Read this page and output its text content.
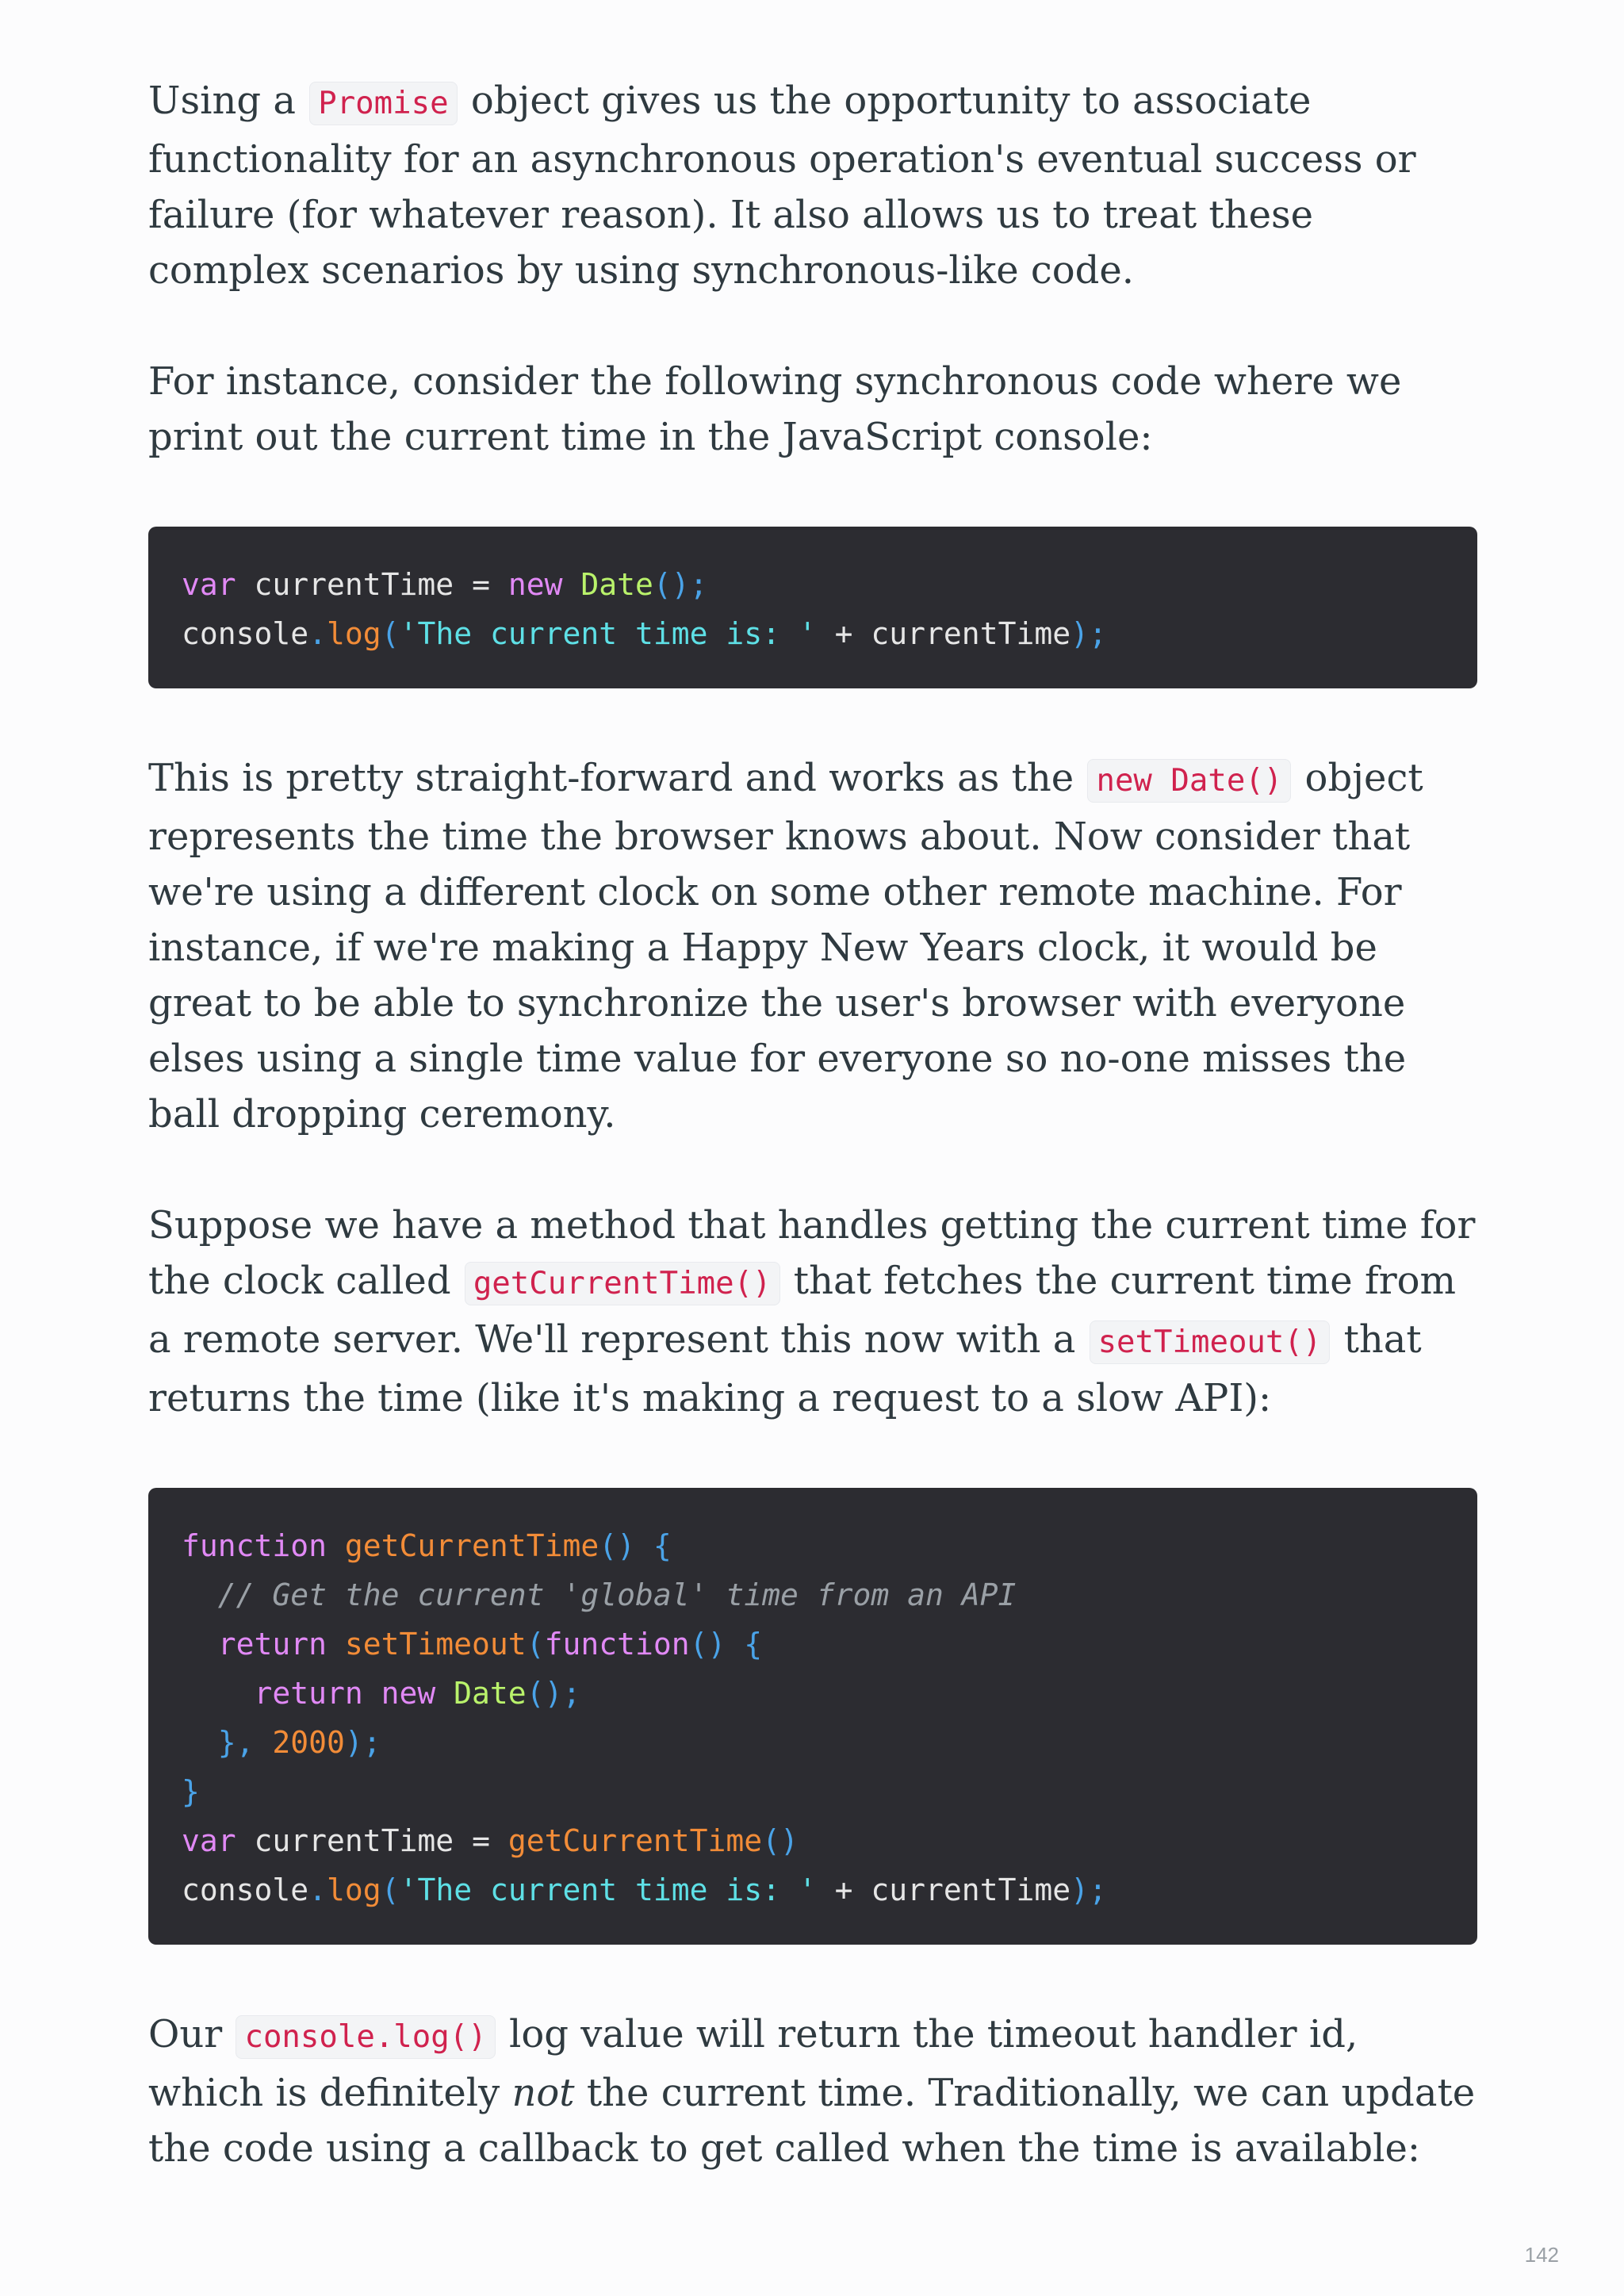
Using a Promise object gives us the opportunity to associate functionality for an asynchronous operation's eventual success or failure (for whatever reason). It also allows us to treat these complex scenarios by using synchronous-like code.

For instance, consider the following synchronous code where we print out the current time in the JavaScript console:

var currentTime = new Date();
console.log('The current time is: ' + currentTime);

This is pretty straight-forward and works as the new Date() object represents the time the browser knows about. Now consider that we're using a different clock on some other remote machine. For instance, if we're making a Happy New Years clock, it would be great to be able to synchronize the user's browser with everyone elses using a single time value for everyone so no-one misses the ball dropping ceremony.

Suppose we have a method that handles getting the current time for the clock called getCurrentTime() that fetches the current time from a remote server. We'll represent this now with a setTimeout() that returns the time (like it's making a request to a slow API):

function getCurrentTime() {
// Get the current 'global' time from an API
return setTimeout(function() {
return new Date();
}, 2000);
}
var currentTime = getCurrentTime()
console.log('The current time is: ' + currentTime);

Our console.log() log value will return the timeout handler id, which is definitely not the current time. Traditionally, we can update the code using a callback to get called when the time is available:

142
